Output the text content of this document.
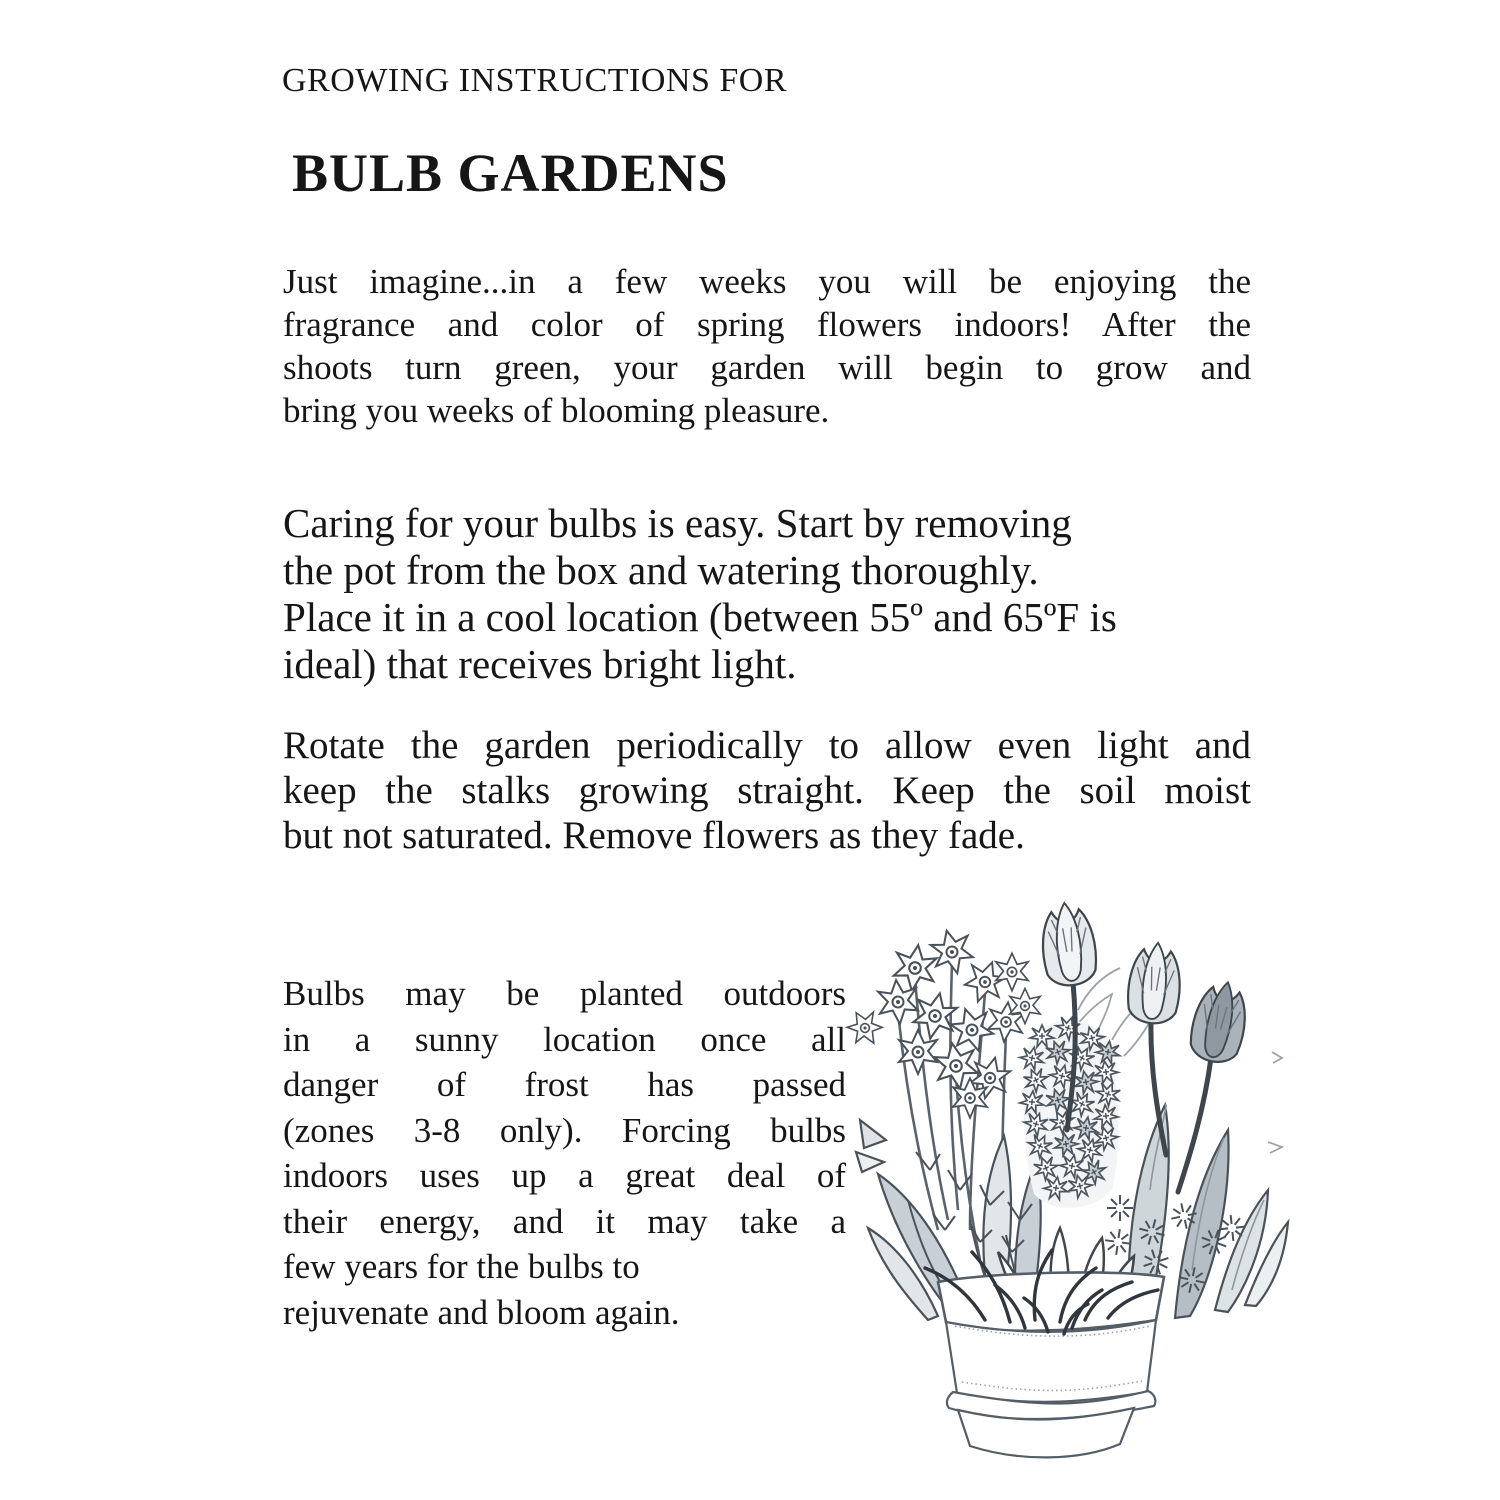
GROWING INSTRUCTIONS FOR
BULB GARDENS
Just imagine...in a few weeks you will be enjoying the
fragrance and color of spring flowers indoors! After the
shoots turn green, your garden will begin to grow and
bring you weeks of blooming pleasure.
Caring for your bulbs is easy. Start by removing
the pot from the box and watering thoroughly.
Place it in a cool location (between 55º and 65ºF is
ideal) that receives bright light.
Rotate the garden periodically to allow even light and
keep the stalks growing straight. Keep the soil moist
but not saturated. Remove flowers as they fade.
Bulbs may be planted outdoors
in a sunny location once all
danger of frost has passed
(zones 3-8 only). Forcing bulbs
indoors uses up a great deal of
their energy, and it may take a
few years for the bulbs to
rejuvenate and bloom again.
